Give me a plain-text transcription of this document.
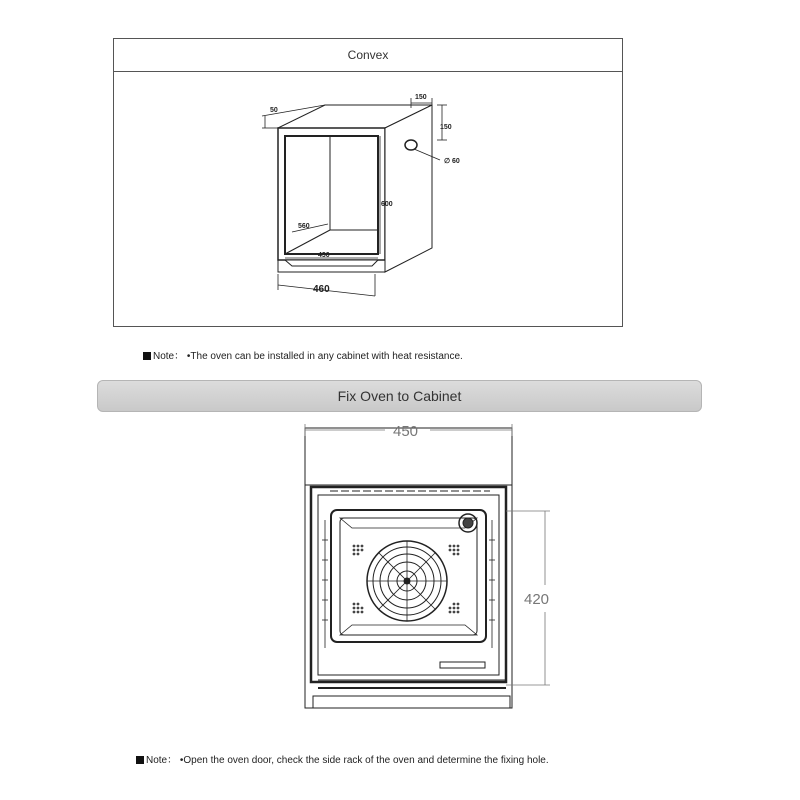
Convex
50
150
150
∅ 60
600
560
430
460
Note： •The oven can be installed in any cabinet with heat resistance.
Fix Oven to Cabinet
450
420
Note： •Open the oven door, check the side rack of the oven and determine the fixing hole.
